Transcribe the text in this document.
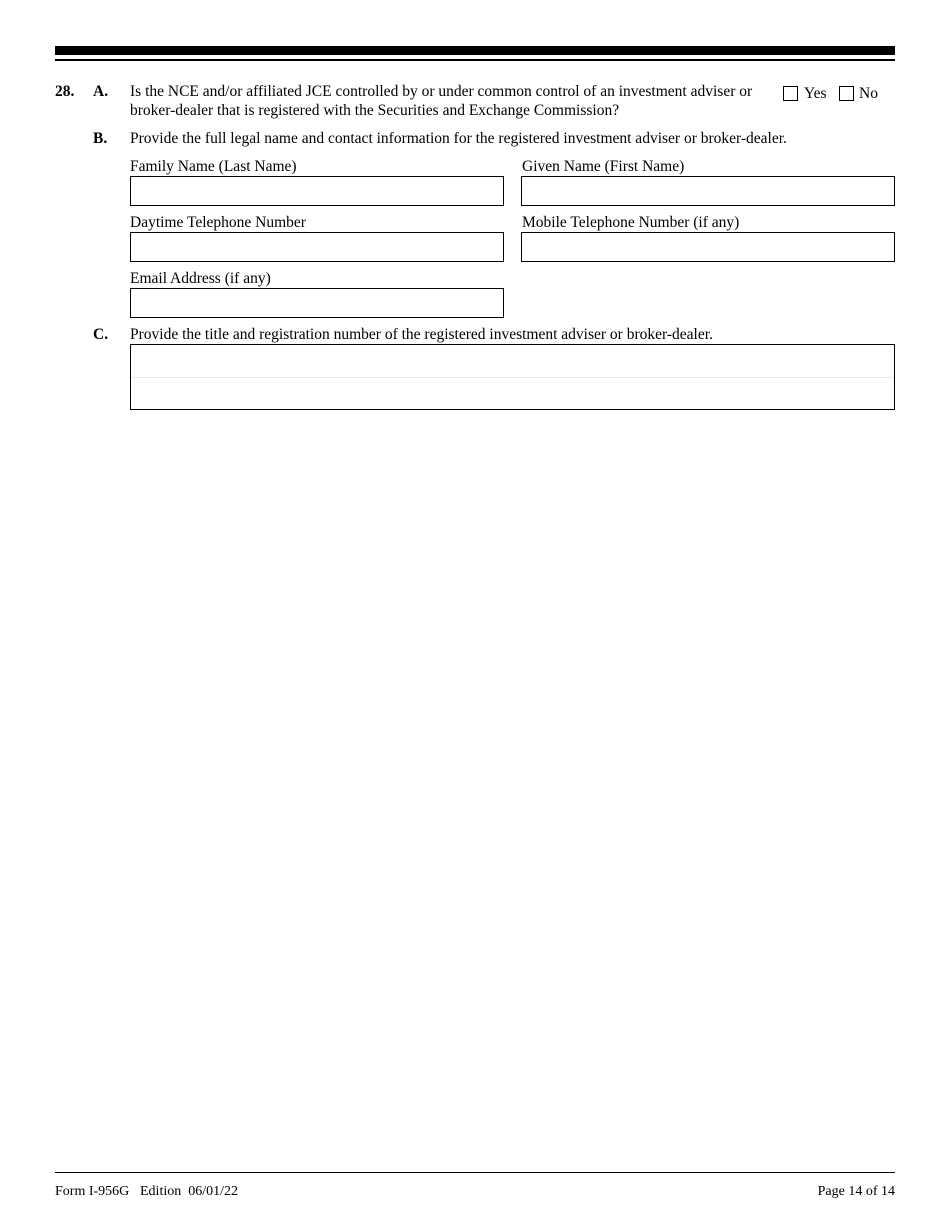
28. A. Is the NCE and/or affiliated JCE controlled by or under common control of an investment adviser or
broker-dealer that is registered with the Securities and Exchange Commission?
Yes No
B. Provide the full legal name and contact information for the registered investment adviser or broker-dealer.
Family Name (Last Name)	Given Name (First Name)
Daytime Telephone Number	Mobile Telephone Number (if any)
Email Address (if any)
C. Provide the title and registration number of the registered investment adviser or broker-dealer.
Form I-956G Edition  06/01/22	Page 14 of 14
